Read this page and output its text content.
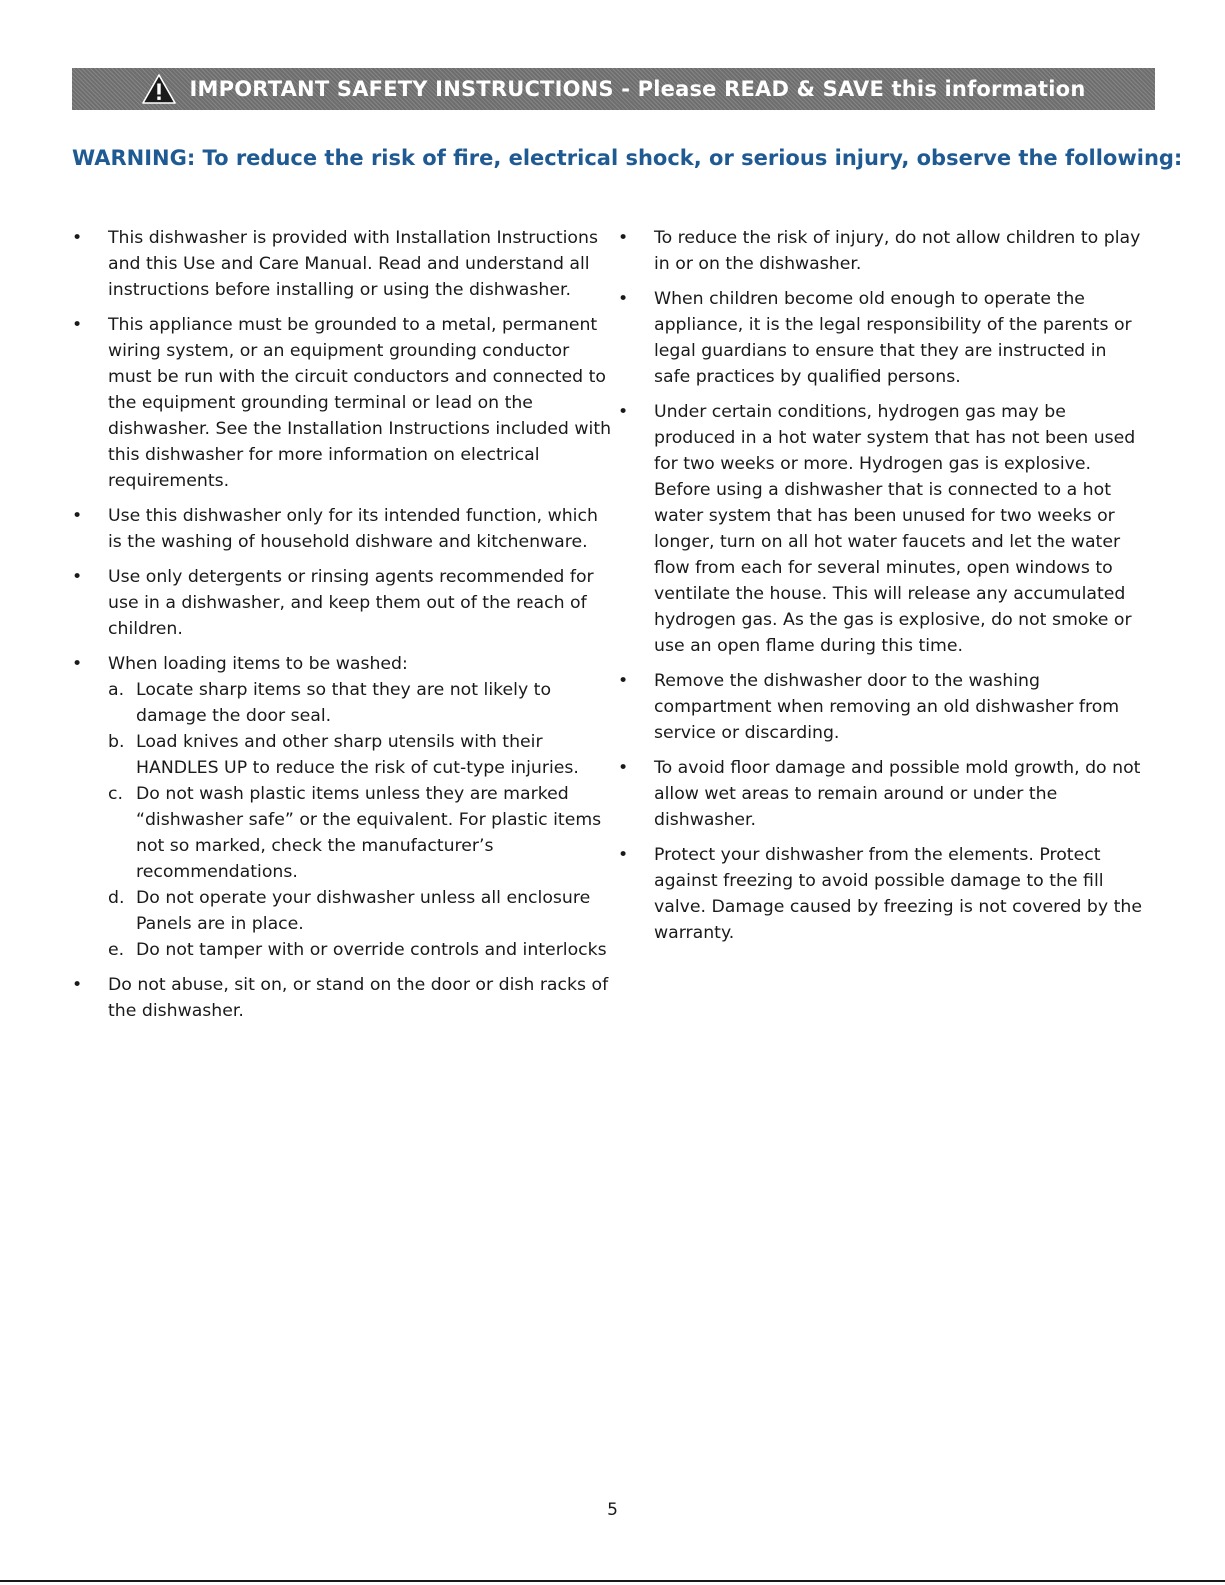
IMPORTANT SAFETY INSTRUCTIONS - Please READ & SAVE this information
WARNING: To reduce the risk of fire, electrical shock, or serious injury, observe the following:
•	This dishwasher is provided with Installation Instructions and this Use and Care Manual. Read and understand all instructions before installing or using the dishwasher.
•	This appliance must be grounded to a metal, permanent wiring system, or an equipment grounding conductor must be run with the circuit conductors and connected to the equipment grounding terminal or lead on the dishwasher. See the Installation Instructions included with this dishwasher for more information on electrical requirements.
•	Use this dishwasher only for its intended function, which is the washing of household dishware and kitchenware.
•	Use only detergents or rinsing agents recommended for use in a dishwasher, and keep them out of the reach of children.
•	When loading items to be washed:
a. Locate sharp items so that they are not likely to damage the door seal.
b. Load knives and other sharp utensils with their HANDLES UP to reduce the risk of cut-type injuries.
c. Do not wash plastic items unless they are marked “dishwasher safe” or the equivalent. For plastic items not so marked, check the manufacturer’s recommendations.
d. Do not operate your dishwasher unless all enclosure Panels are in place.
e. Do not tamper with or override controls and interlocks
•	Do not abuse, sit on, or stand on the door or dish racks of the dishwasher.
•	To reduce the risk of injury, do not allow children to play in or on the dishwasher.
•	When children become old enough to operate the appliance, it is the legal responsibility of the parents or legal guardians to ensure that they are instructed in safe practices by qualified persons.
•	Under certain conditions, hydrogen gas may be produced in a hot water system that has not been used for two weeks or more. Hydrogen gas is explosive. Before using a dishwasher that is connected to a hot water system that has been unused for two weeks or longer, turn on all hot water faucets and let the water flow from each for several minutes, open windows to ventilate the house. This will release any accumulated hydrogen gas. As the gas is explosive, do not smoke or use an open flame during this time.
•	Remove the dishwasher door to the washing compartment when removing an old dishwasher from service or discarding.
•	To avoid floor damage and possible mold growth, do not allow wet areas to remain around or under the dishwasher.
•	Protect your dishwasher from the elements. Protect against freezing to avoid possible damage to the fill valve. Damage caused by freezing is not covered by the warranty.
5
